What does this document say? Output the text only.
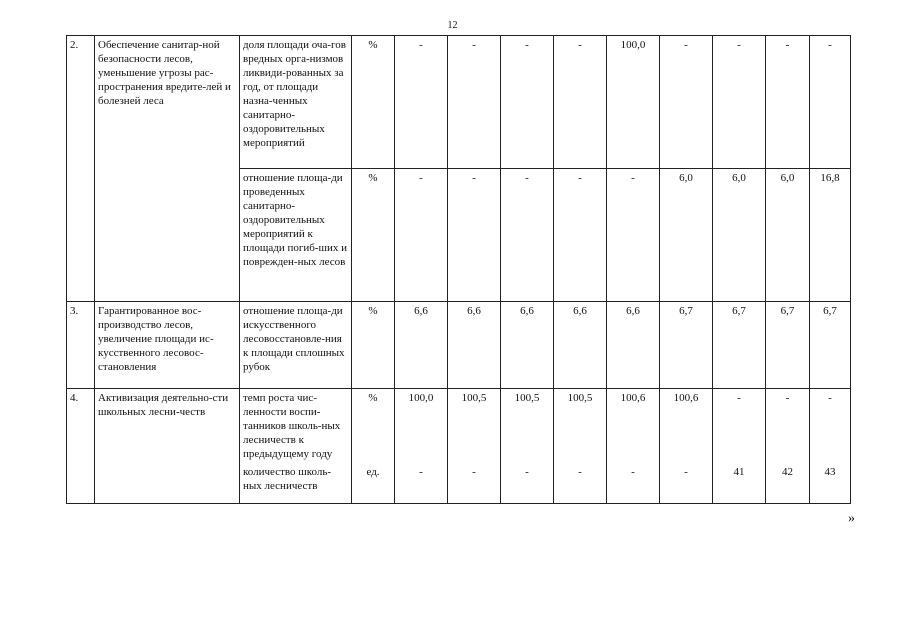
12
2.	Обеспечение санитар-ной безопасности лесов, уменьшение угрозы рас-пространения вредите-лей и болезней леса	доля площади оча-гов вредных орга-низмов ликвиди-рованных за год, от площади назна-ченных санитарно-оздоровительных мероприятий	%	-	-	-	-	100,0	-	-	-	-
		отношение площа-ди проведенных санитарно-оздоровительных мероприятий к площади погиб-ших и поврежден-ных лесов	%	-	-	-	-	-	6,0	6,0	6,0	16,8
3.	Гарантированное вос-производство лесов, увеличение площади ис-кусственного лесовос-становления	отношение площа-ди искусственного лесовосстановле-ния к площади сплошных рубок	%	6,6	6,6	6,6	6,6	6,6	6,7	6,7	6,7	6,7
4.	Активизация деятельно-сти школьных лесни-честв	темп роста чис-ленности воспи-танников школь-ных лесничеств к предыдущему году	%	100,0	100,5	100,5	100,5	100,6	100,6	-	-	-
		количество школь-ных лесничеств	ед.	-	-	-	-	-	-	41	42	43
»
